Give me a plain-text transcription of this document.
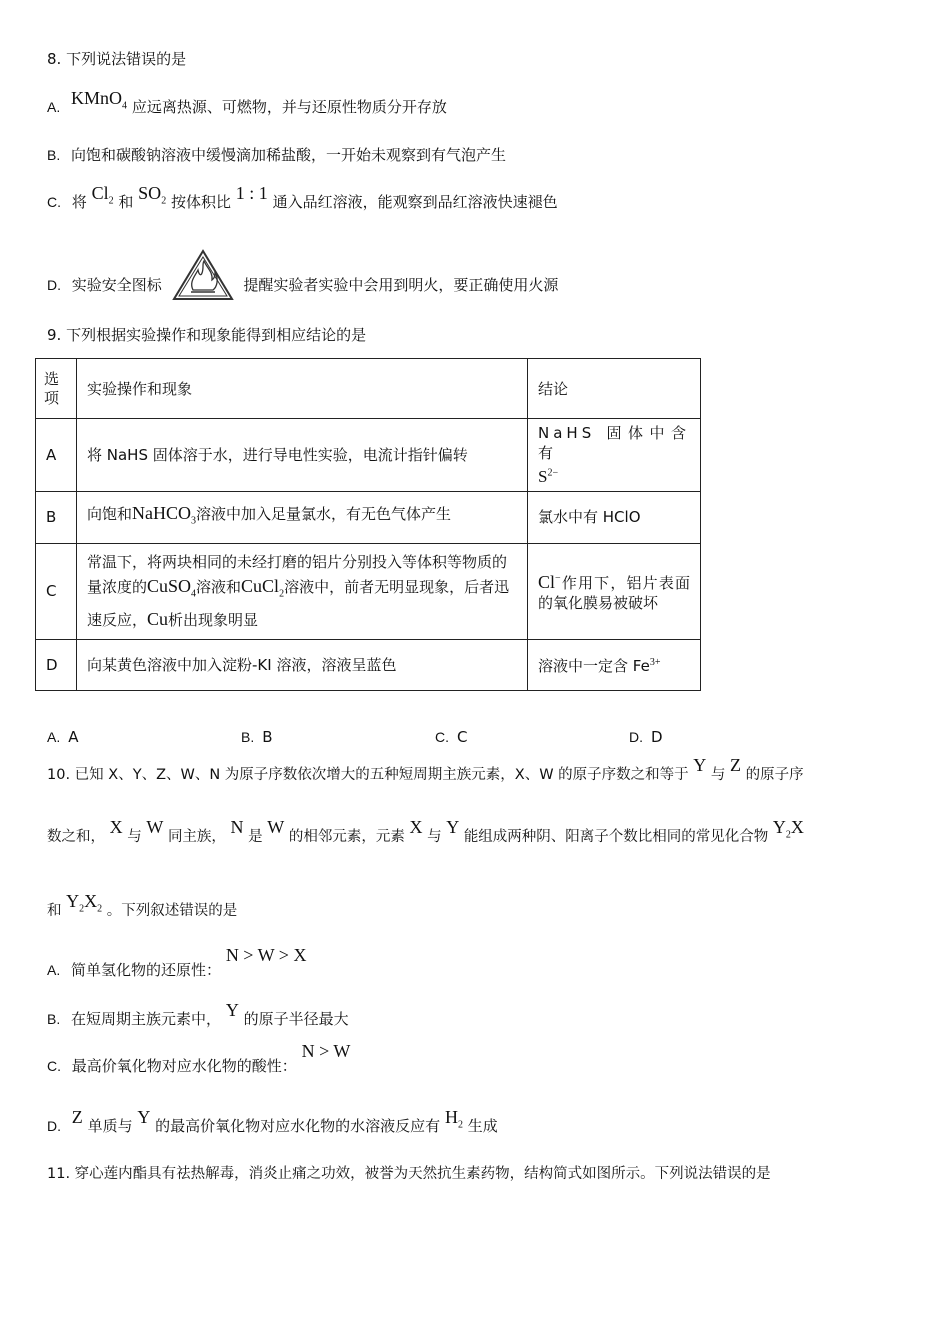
8. 下列说法错误的是
A. KMnO$_4$ 应远离热源、可燃物，并与还原性物质分开存放
B. 向饱和碳酸钠溶液中缓慢滴加稀盐酸，一开始未观察到有气泡产生
C. 将 $Cl_2$ 和 $SO_2$ 按体积比 1 : 1 通入品红溶液，能观察到品红溶液快速褪色
D. 实验安全图标	提醒实验者实验中会用到明火，要正确使用火源
9. 下列根据实验操作和现象能得到相应结论的是
选项	实验操作和现象	结论
A	将 NaHS 固体溶于水，进行导电性实验，电流计指针偏转	NaHS 固体中含有
$S^{2-}$
B	向饱和NaHCO$_3$溶液中加入足量氯水，有无色气体产生	氯水中有 HClO
C	常温下，将两块相同的未经打磨的铝片分别投入等体积等物质的量浓度的CuSO$_4$溶液和CuCl$_2$溶液中，前者无明显现象，后者迅速反应，Cu析出现象明显	Cl−作用下，铝片表面的氧化膜易被破坏
D	向某黄色溶液中加入淀粉-KI 溶液，溶液呈蓝色	溶液中一定含 $Fe^{3+}$
A. A	B. B	C. C	D. D
10. 已知 X、Y、Z、W、N 为原子序数依次增大的五种短周期主族元素，X、W 的原子序数之和等于 Y 与 Z 的原子序
数之和， X 与 W 同主族， N 是 W 的相邻元素，元素 X 与 Y 能组成两种阴、阳离子个数比相同的常见化合物 $Y_2X$
和 $Y_2X_2$ 。下列叙述错误的是
A. 简单氢化物的还原性： N > W > X
B. 在短周期主族元素中， Y 的原子半径最大
C. 最高价氧化物对应水化物的酸性： N > W
D. Z 单质与 Y 的最高价氧化物对应水化物的水溶液反应有 $H_2$ 生成
11. 穿心莲内酯具有祛热解毒，消炎止痛之功效，被誉为天然抗生素药物，结构简式如图所示。下列说法错误的是
